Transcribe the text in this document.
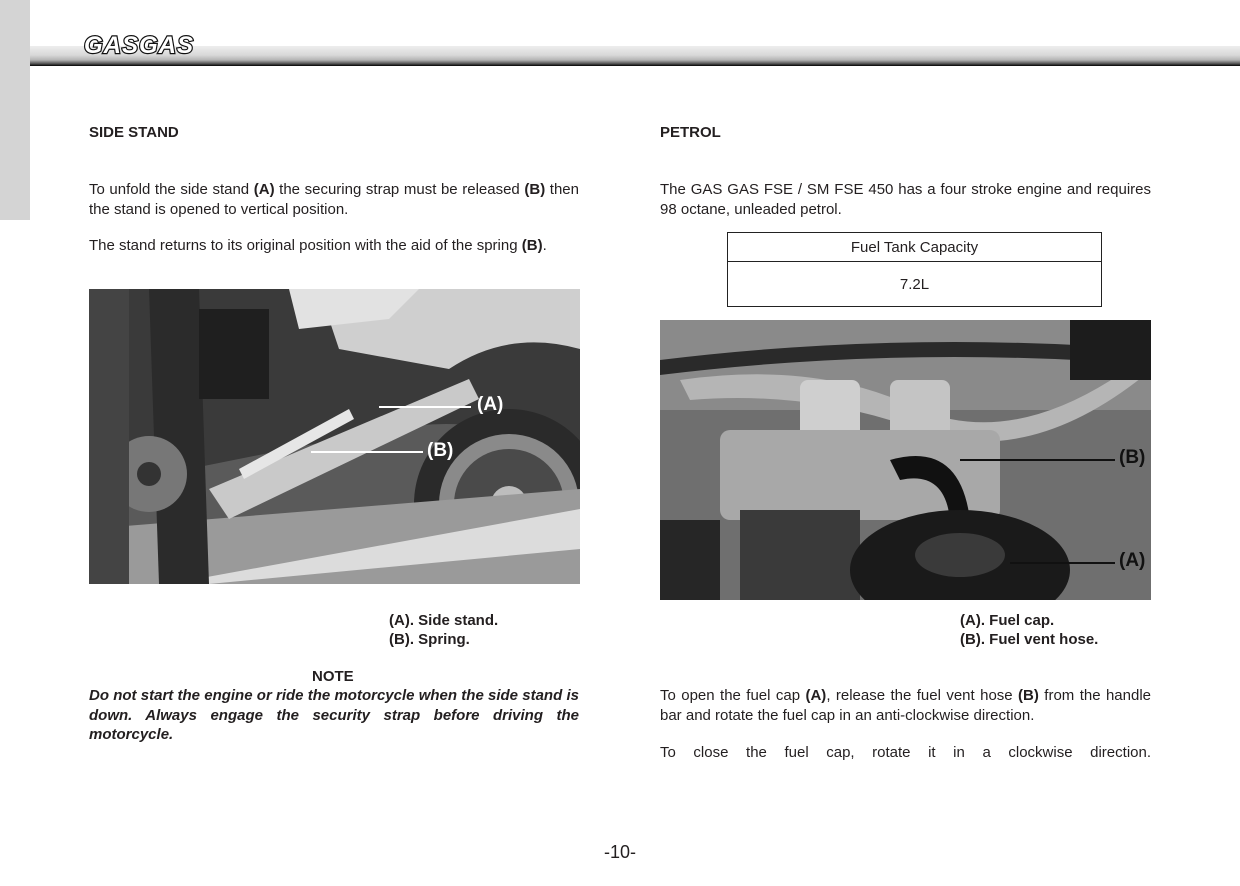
GASGAS
SIDE STAND
To unfold the side stand (A) the securing strap must be released (B) then the stand is opened to vertical position.
The stand returns to its original position with the aid of the spring (B).
(A)
(B)
(A). Side stand.
(B). Spring.
NOTE
Do not start the engine or ride the motorcycle when the side stand is down. Always engage the security strap before driving the motorcycle.
PETROL
The GAS GAS FSE / SM FSE 450 has a four stroke engine and requires 98 octane, unleaded petrol.
Fuel Tank Capacity
7.2L
(B)
(A)
(A). Fuel cap.
(B). Fuel vent hose.
To open the fuel cap (A), release the fuel vent hose (B) from the handle bar and rotate the fuel cap in an anti-clockwise direction.
To close the fuel cap, rotate it in a clockwise direction.
-10-
